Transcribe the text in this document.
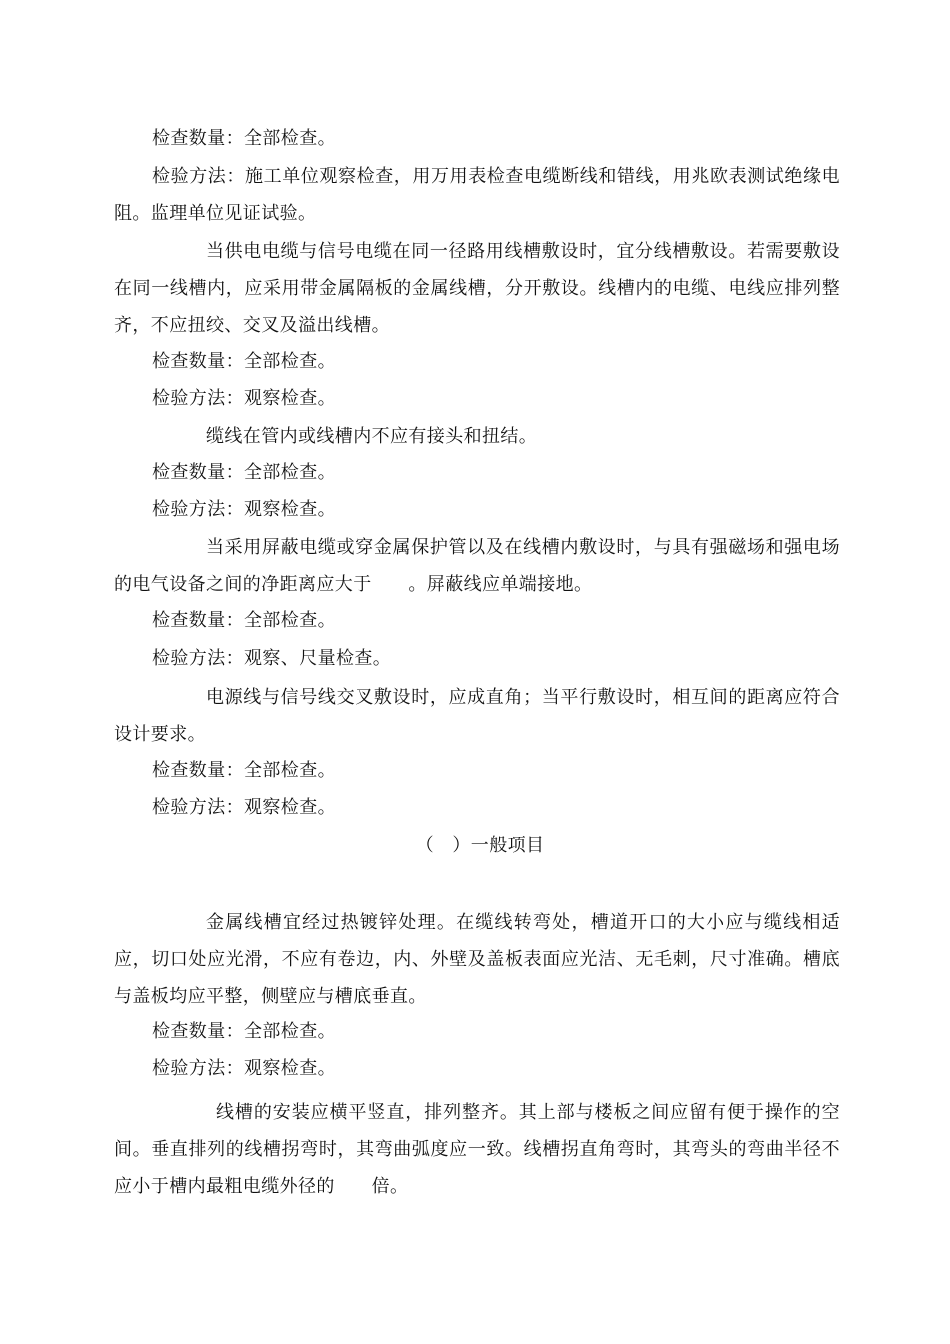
检查数量：全部检查。
检验方法：施工单位观察检查，用万用表检查电缆断线和错线，用兆欧表测试绝缘电阻。监理单位见证试验。
当供电电缆与信号电缆在同一径路用线槽敷设时，宜分线槽敷设。若需要敷设在同一线槽内，应采用带金属隔板的金属线槽，分开敷设。线槽内的电缆、电线应排列整齐，不应扭绞、交叉及溢出线槽。
检查数量：全部检查。
检验方法：观察检查。
缆线在管内或线槽内不应有接头和扭结。
检查数量：全部检查。
检验方法：观察检查。
当采用屏蔽电缆或穿金属保护管以及在线槽内敷设时，与具有强磁场和强电场的电气设备之间的净距离应大于　　。屏蔽线应单端接地。
检查数量：全部检查。
检验方法：观察、尺量检查。
电源线与信号线交叉敷设时，应成直角；当平行敷设时，相互间的距离应符合设计要求。
检查数量：全部检查。
检验方法：观察检查。
（　）一般项目
金属线槽宜经过热镀锌处理。在缆线转弯处，槽道开口的大小应与缆线相适应，切口处应光滑，不应有卷边，内、外壁及盖板表面应光洁、无毛刺，尺寸准确。槽底与盖板均应平整，侧壁应与槽底垂直。
检查数量：全部检查。
检验方法：观察检查。
线槽的安装应横平竖直，排列整齐。其上部与楼板之间应留有便于操作的空间。垂直排列的线槽拐弯时，其弯曲弧度应一致。线槽拐直角弯时，其弯头的弯曲半径不应小于槽内最粗电缆外径的　　倍。
